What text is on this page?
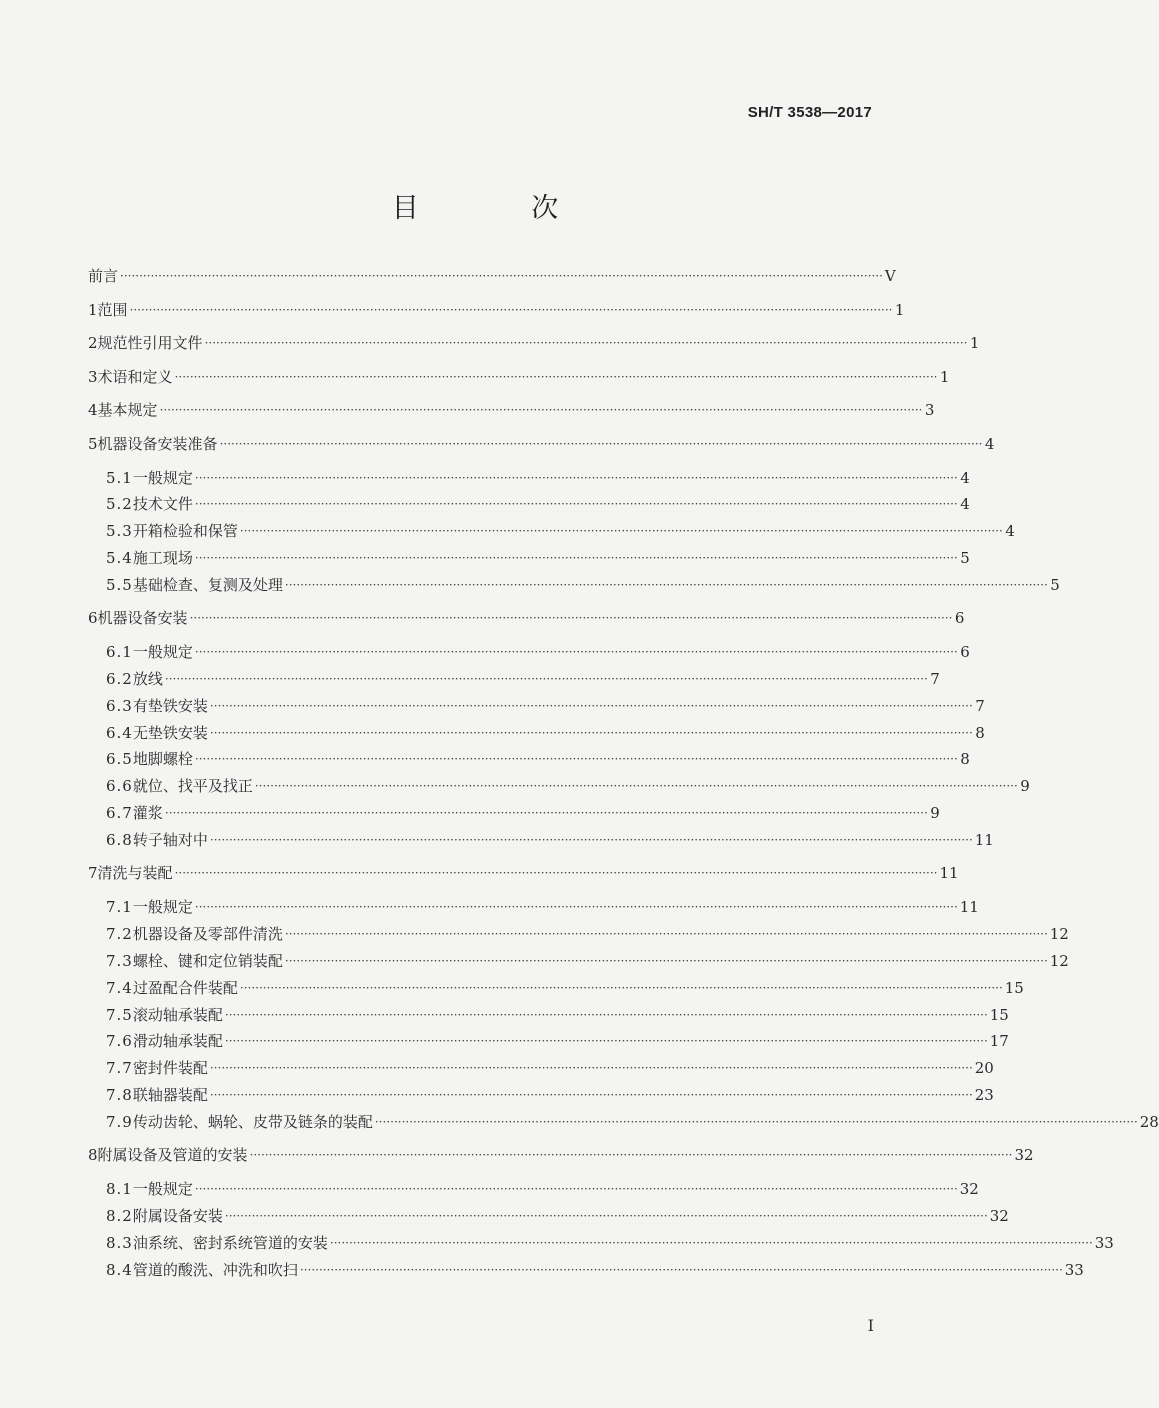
SH/T 3538—2017
目 次
前言 ········································································································································································································ V
1 范围 ········································································································································································································ 1
2 规范性引用文件 ········································································································································································································ 1
3 术语和定义 ········································································································································································································ 1
4 基本规定 ········································································································································································································ 3
5 机器设备安装准备 ········································································································································································································ 4
5.1 一般规定 ········································································································································································································ 4
5.2 技术文件 ········································································································································································································ 4
5.3 开箱检验和保管 ········································································································································································································ 4
5.4 施工现场 ········································································································································································································ 5
5.5 基础检查、复测及处理 ········································································································································································································ 5
6 机器设备安装 ········································································································································································································ 6
6.1 一般规定 ········································································································································································································ 6
6.2 放线 ········································································································································································································ 7
6.3 有垫铁安装 ········································································································································································································ 7
6.4 无垫铁安装 ········································································································································································································ 8
6.5 地脚螺栓 ········································································································································································································ 8
6.6 就位、找平及找正 ········································································································································································································ 9
6.7 灌浆 ········································································································································································································ 9
6.8 转子轴对中 ········································································································································································································ 11
7 清洗与装配 ········································································································································································································ 11
7.1 一般规定 ········································································································································································································ 11
7.2 机器设备及零部件清洗 ········································································································································································································ 12
7.3 螺栓、键和定位销装配 ········································································································································································································ 12
7.4 过盈配合件装配 ········································································································································································································ 15
7.5 滚动轴承装配 ········································································································································································································ 15
7.6 滑动轴承装配 ········································································································································································································ 17
7.7 密封件装配 ········································································································································································································ 20
7.8 联轴器装配 ········································································································································································································ 23
7.9 传动齿轮、蜗轮、皮带及链条的装配 ········································································································································································································ 28
8 附属设备及管道的安装 ········································································································································································································ 32
8.1 一般规定 ········································································································································································································ 32
8.2 附属设备安装 ········································································································································································································ 32
8.3 油系统、密封系统管道的安装 ········································································································································································································ 33
8.4 管道的酸洗、冲洗和吹扫 ········································································································································································································ 33
I
